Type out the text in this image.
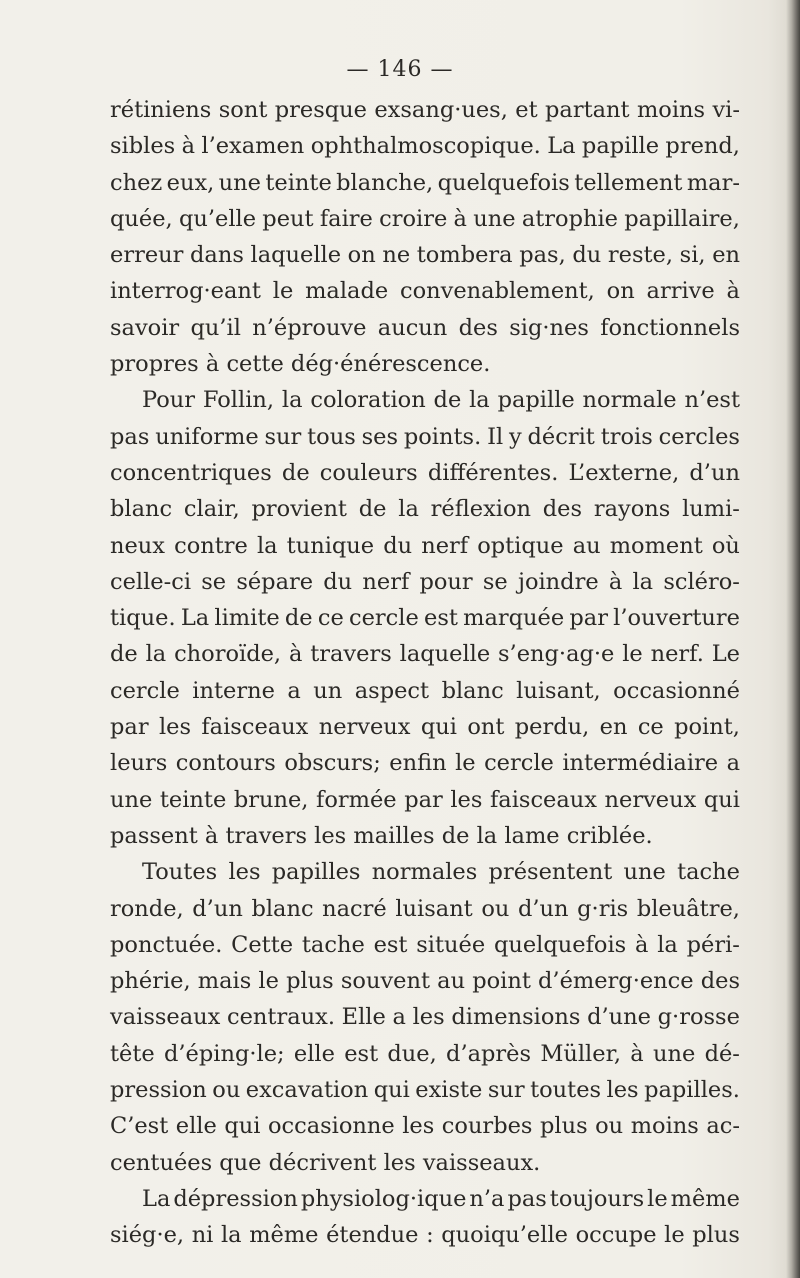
— 146 —
rétiniens sont presque exsang·ues, et partant moins vi-
sibles à l’examen ophthalmoscopique. La papille prend,
chez eux, une teinte blanche, quelquefois tellement mar-
quée, qu’elle peut faire croire à une atrophie papillaire,
erreur dans laquelle on ne tombera pas, du reste, si, en
interrog·eant le malade convenablement, on arrive à
savoir qu’il n’éprouve aucun des sig·nes fonctionnels
propres à cette dég·énérescence.
Pour Follin, la coloration de la papille normale n’est
pas uniforme sur tous ses points. Il y décrit trois cercles
concentriques de couleurs différentes. L’externe, d’un
blanc clair, provient de la réflexion des rayons lumi-
neux contre la tunique du nerf optique au moment où
celle-ci se sépare du nerf pour se joindre à la scléro-
tique. La limite de ce cercle est marquée par l’ouverture
de la choroïde, à travers laquelle s’eng·ag·e le nerf. Le
cercle interne a un aspect blanc luisant, occasionné
par les faisceaux nerveux qui ont perdu, en ce point,
leurs contours obscurs; enfin le cercle intermédiaire a
une teinte brune, formée par les faisceaux nerveux qui
passent à travers les mailles de la lame criblée.
Toutes les papilles normales présentent une tache
ronde, d’un blanc nacré luisant ou d’un g·ris bleuâtre,
ponctuée. Cette tache est située quelquefois à la péri-
phérie, mais le plus souvent au point d’émerg·ence des
vaisseaux centraux. Elle a les dimensions d’une g·rosse
tête d’éping·le; elle est due, d’après Müller, à une dé-
pression ou excavation qui existe sur toutes les papilles.
C’est elle qui occasionne les courbes plus ou moins ac-
centuées que décrivent les vaisseaux.
La dépression physiolog·ique n’a pas toujours le même
siég·e, ni la même étendue : quoiqu’elle occupe le plus
